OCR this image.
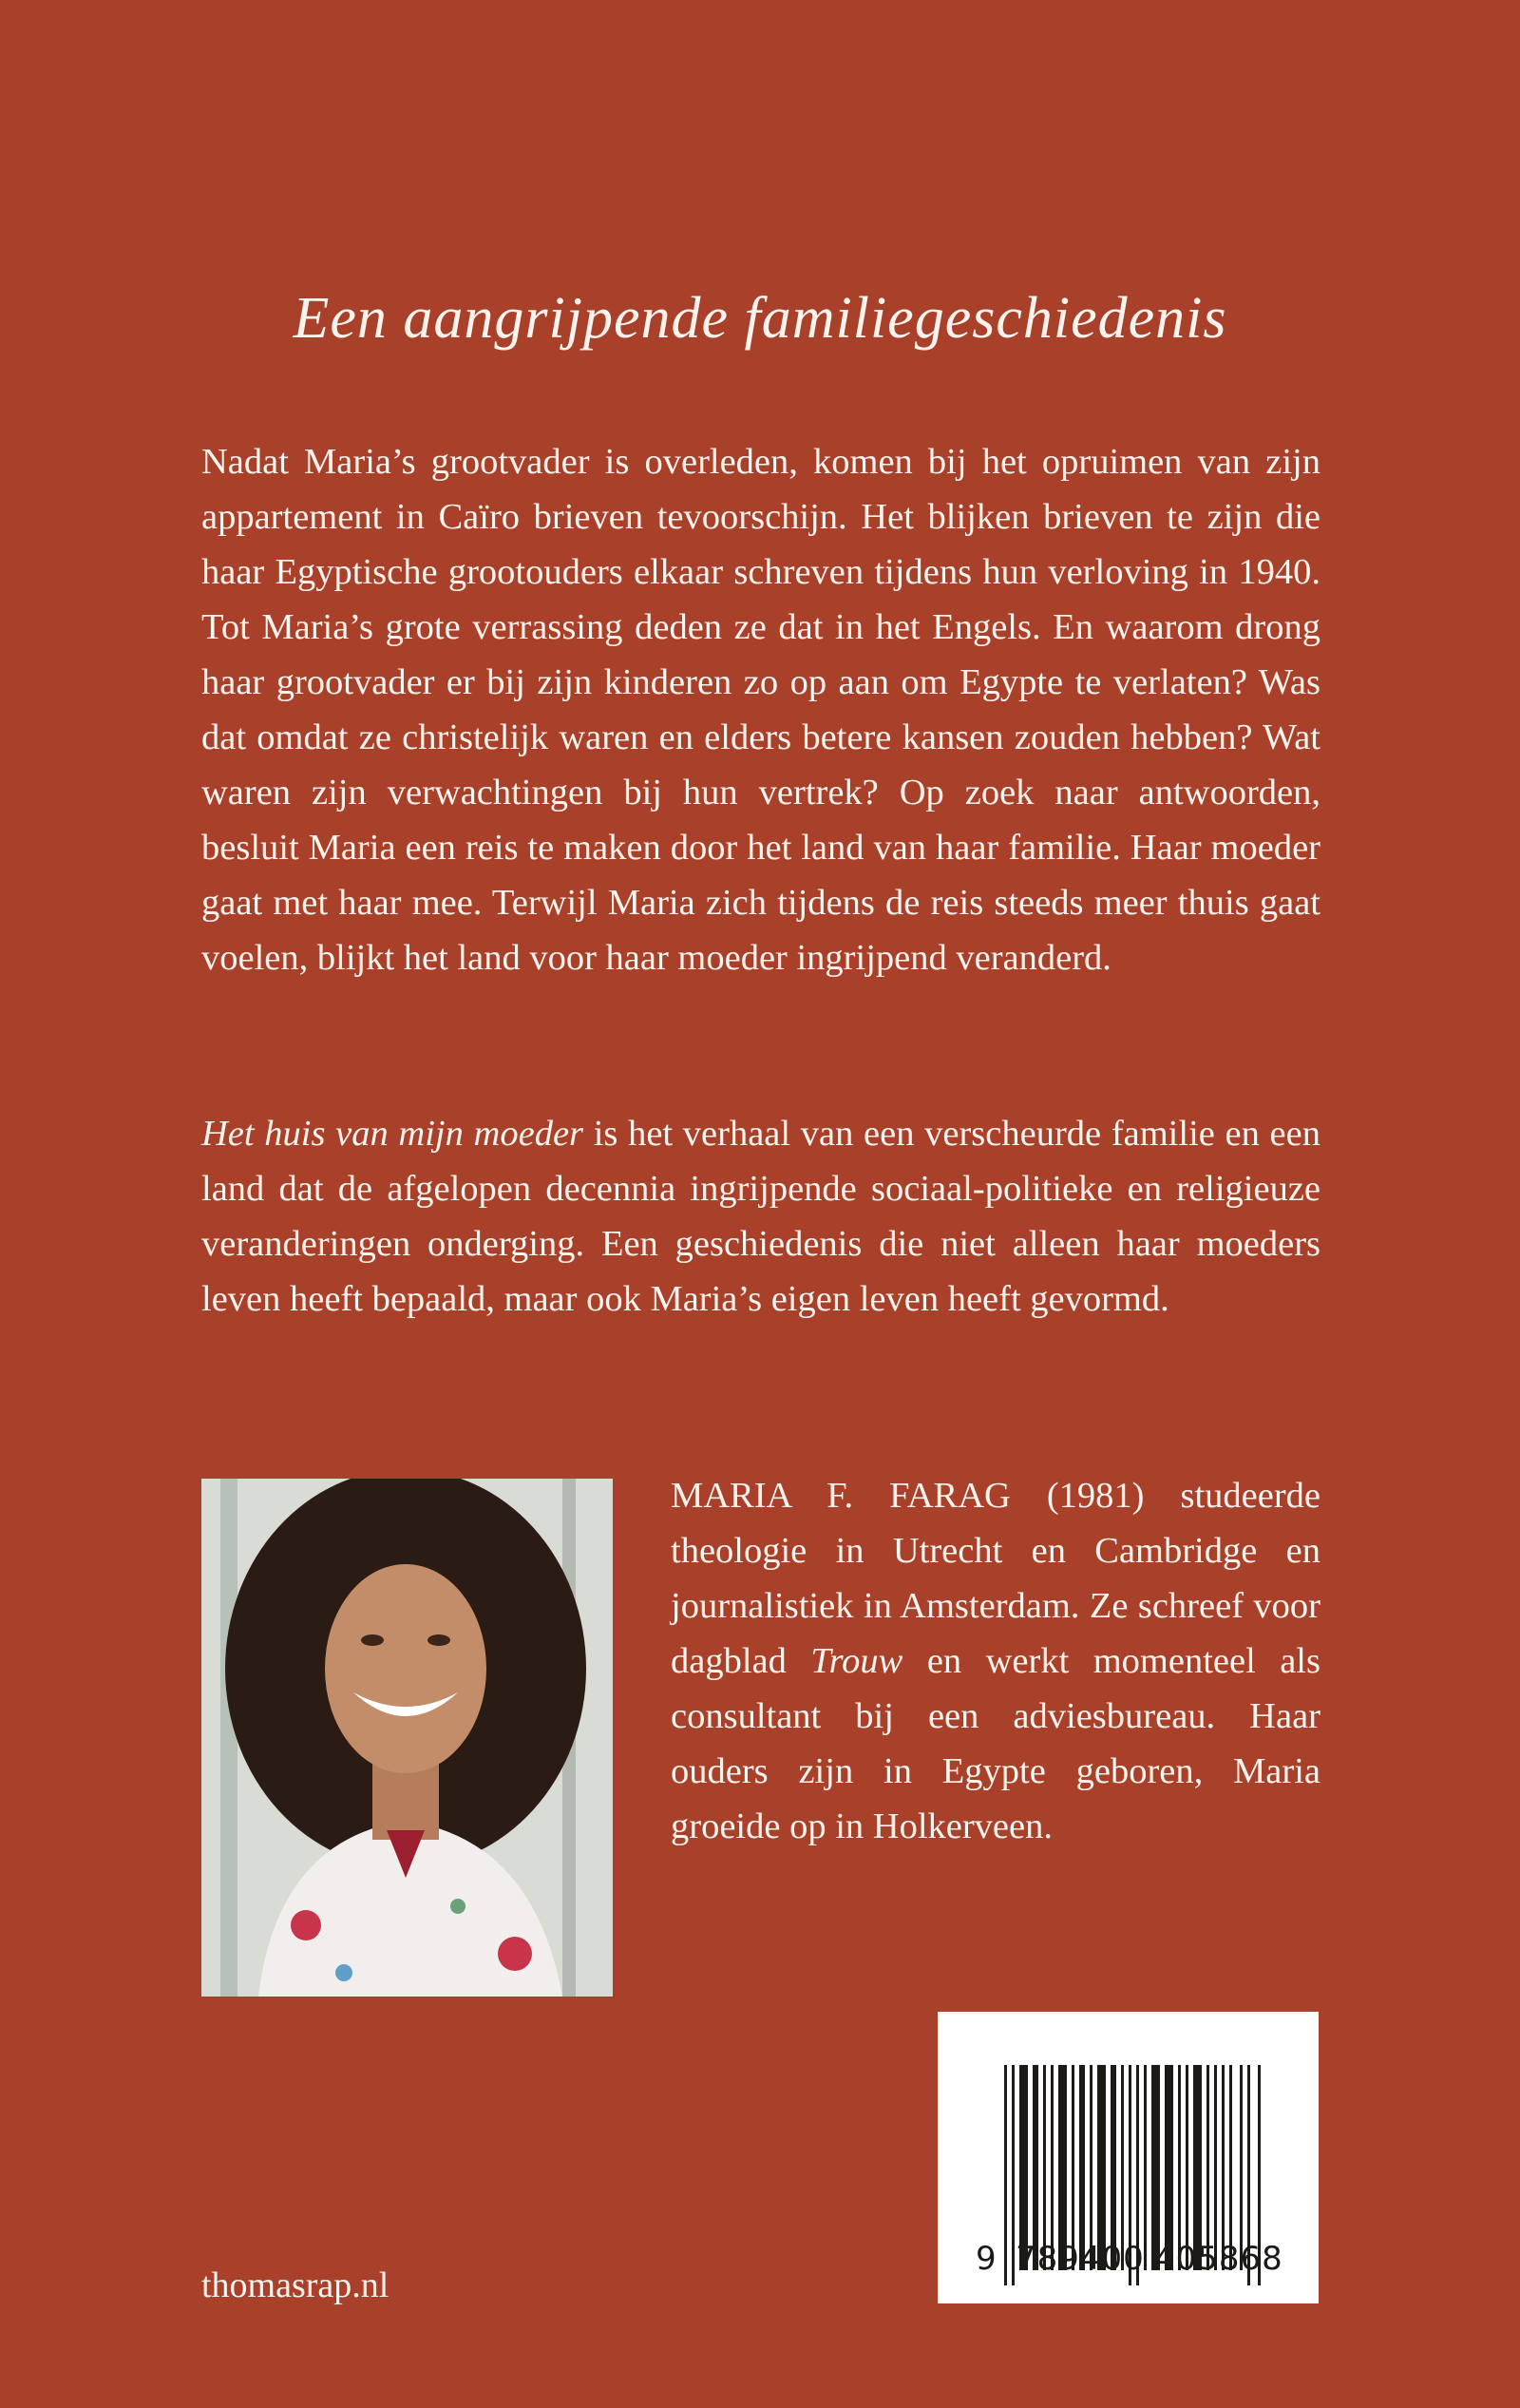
Een aangrijpende familiegeschiedenis
Nadat Maria’s grootvader is overleden, komen bij het opruimen van zijn appartement in Caïro brieven tevoorschijn. Het blijken brieven te zijn die haar Egyptische grootouders elkaar schreven tijdens hun verloving in 1940. Tot Maria’s grote verrassing deden ze dat in het Engels. En waarom drong haar grootvader er bij zijn kinderen zo op aan om Egypte te verlaten? Was dat omdat ze christelijk waren en elders betere kansen zouden hebben? Wat waren zijn verwachtingen bij hun vertrek? Op zoek naar antwoorden, besluit Maria een reis te maken door het land van haar familie. Haar moeder gaat met haar mee. Terwijl Maria zich tijdens de reis steeds meer thuis gaat voelen, blijkt het land voor haar moeder ingrijpend veranderd.
Het huis van mijn moeder is het verhaal van een verscheurde familie en een land dat de afgelopen decennia ingrijpende sociaal-politieke en religieuze veranderingen onderging. Een geschiedenis die niet alleen haar moeders leven heeft bepaald, maar ook Maria’s eigen leven heeft gevormd.
MARIA F. FARAG (1981) studeerde theologie in Utrecht en Cambridge en journalistiek in Amsterdam. Ze schreef voor dagblad Trouw en werkt momenteel als consultant bij een adviesbureau. Haar ouders zijn in Egypte geboren, Maria groeide op in Holkerveen.
thomasrap.nl
9 789400 405868
